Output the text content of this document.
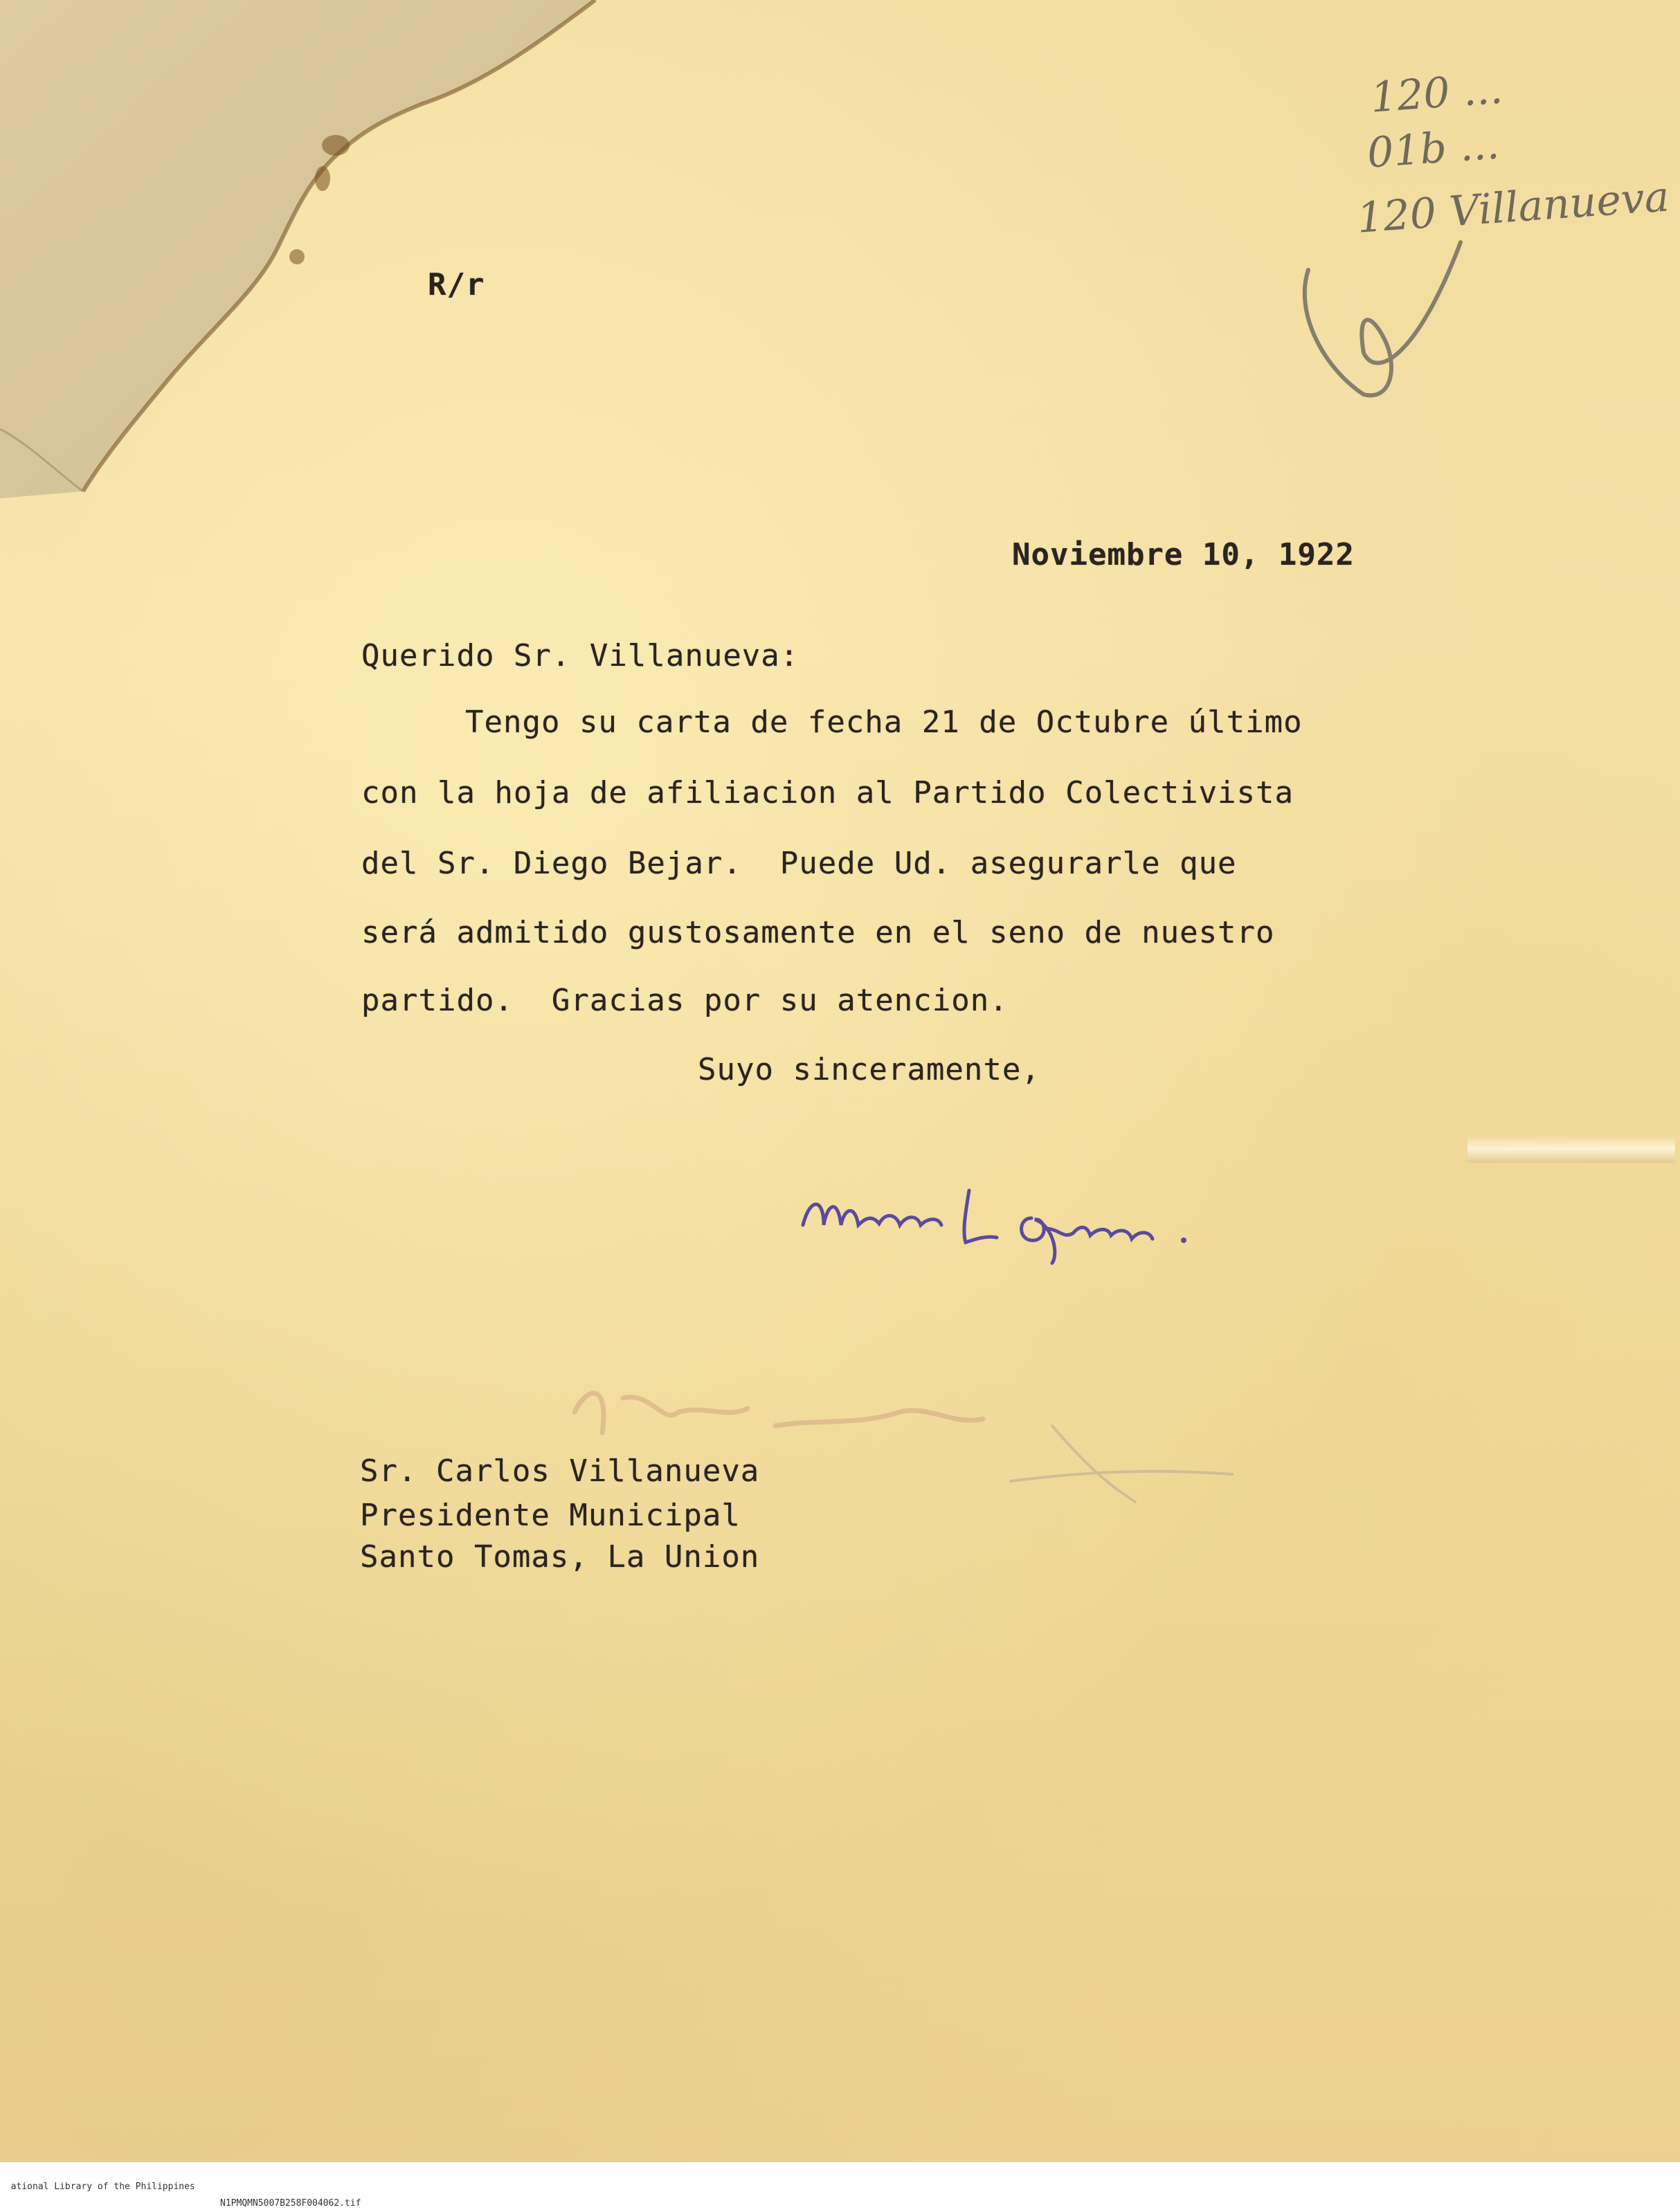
120 ...
01b ...
120 Villanueva
R/r
Noviembre 10, 1922
Querido Sr. Villanueva:
Tengo su carta de fecha 21 de Octubre último
con la hoja de afiliacion al Partido Colectivista
del Sr. Diego Bejar.  Puede Ud. asegurarle que
será admitido gustosamente en el seno de nuestro
partido.  Gracias por su atencion.
Suyo sinceramente,
Sr. Carlos Villanueva
Presidente Municipal
Santo Tomas, La Union

ational Library of the Philippines

N1PMQMN5007B258F004062.tif
